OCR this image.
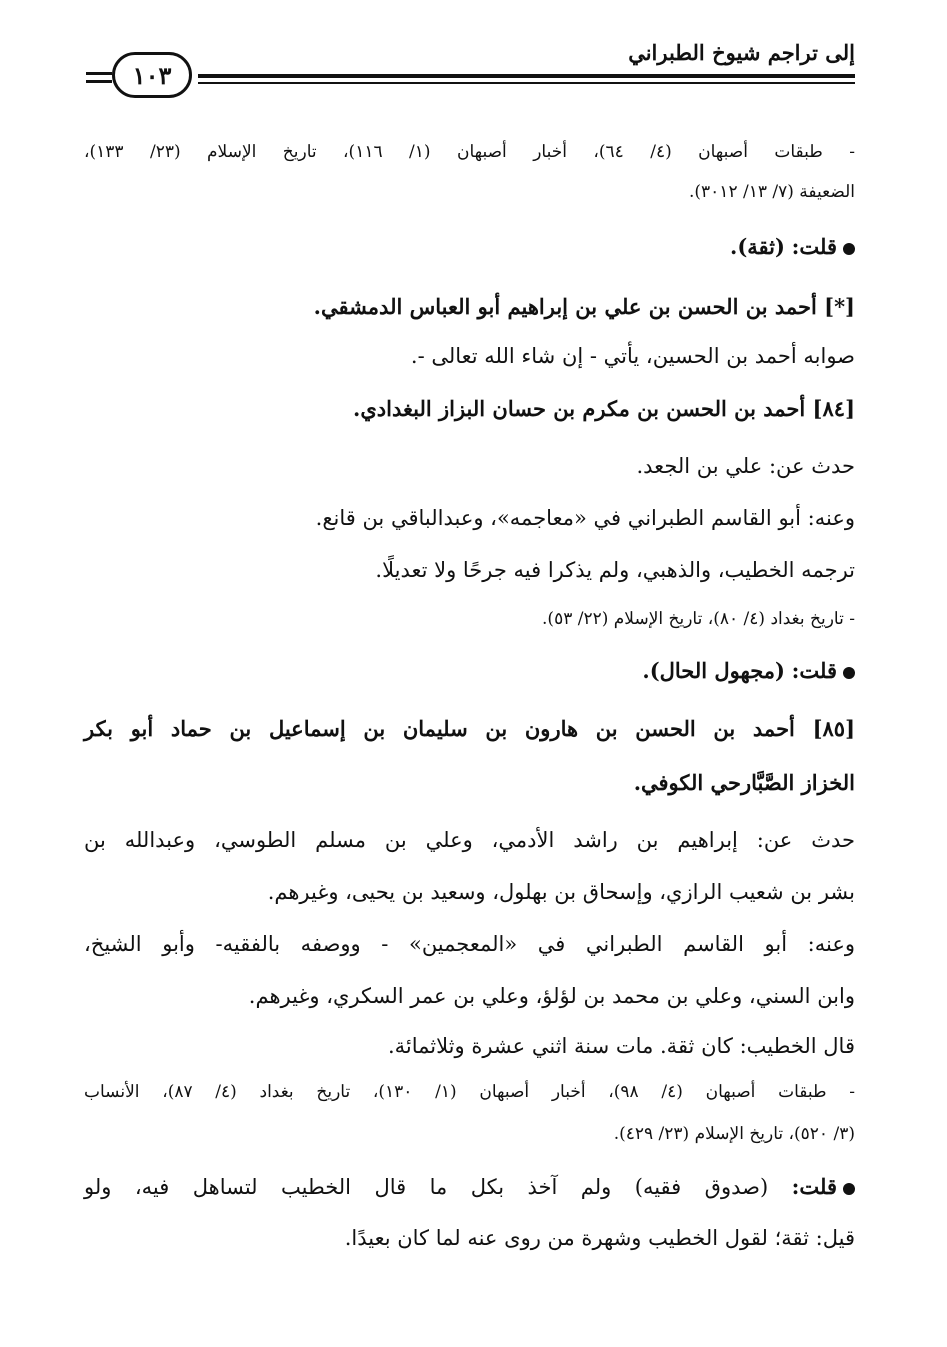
إلى تراجم شيوخ الطبراني
١٠٣
- طبقات أصبهان (٤/ ٦٤)، أخبار أصبهان (١/ ١١٦)، تاريخ الإسلام (٢٣/ ١٣٣)،
الضعيفة (٧/ ١٣/ ٣٠١٢).
قلت: (ثقة).
[*] أحمد بن الحسن بن علي بن إبراهيم أبو العباس الدمشقي.
صوابه أحمد بن الحسين، يأتي - إن شاء الله تعالى -.
[٨٤] أحمد بن الحسن بن مكرم بن حسان البزاز البغدادي.
حدث عن: علي بن الجعد.
وعنه: أبو القاسم الطبراني في «معاجمه»، وعبدالباقي بن قانع.
ترجمه الخطيب، والذهبي، ولم يذكرا فيه جرحًا ولا تعديلًا.
- تاريخ بغداد (٤/ ٨٠)، تاريخ الإسلام (٢٢/ ٥٣).
قلت: (مجهول الحال).
[٨٥] أحمد بن الحسن بن هارون بن سليمان بن إسماعيل بن حماد أبو بكر
الخزاز الصَّبَّارحي الكوفي.
حدث عن: إبراهيم بن راشد الأدمي، وعلي بن مسلم الطوسي، وعبدالله بن
بشر بن شعيب الرازي، وإسحاق بن بهلول، وسعيد بن يحيى، وغيرهم.
وعنه: أبو القاسم الطبراني في «المعجمين» - ووصفه بالفقيه- وأبو الشيخ،
وابن السني، وعلي بن محمد بن لؤلؤ، وعلي بن عمر السكري، وغيرهم.
قال الخطيب: كان ثقة. مات سنة اثني عشرة وثلاثمائة.
- طبقات أصبهان (٤/ ٩٨)، أخبار أصبهان (١/ ١٣٠)، تاريخ بغداد (٤/ ٨٧)، الأنساب
(٣/ ٥٢٠)، تاريخ الإسلام (٢٣/ ٤٢٩).
قلت: (صدوق فقيه) ولم آخذ بكل ما قال الخطيب لتساهل فيه، ولو
قيل: ثقة؛ لقول الخطيب وشهرة من روى عنه لما كان بعيدًا.
